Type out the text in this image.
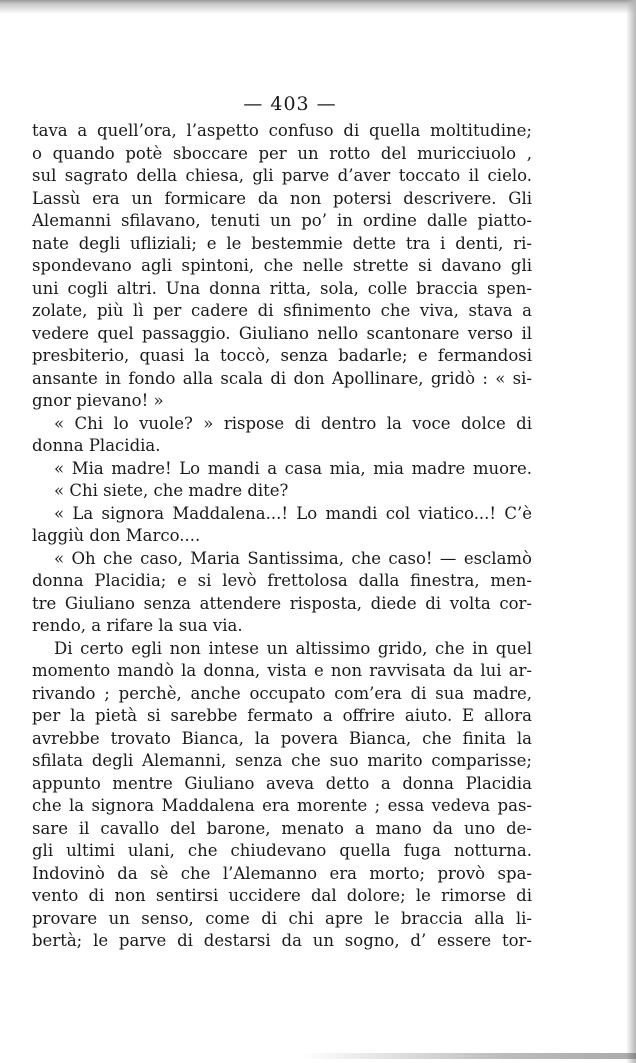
— 403 —
tava a quell’ora, l’aspetto confuso di quella moltitudine;
o quando potè sboccare per un rotto del muricciuolo ,
sul sagrato della chiesa, gli parve d’aver toccato il cielo.
Lassù era un formicare da non potersi descrivere. Gli
Alemanni sfilavano, tenuti un po’ in ordine dalle piatto-
nate degli ufliziali; e le bestemmie dette tra i denti, ri-
spondevano agli spintoni, che nelle strette si davano gli
uni cogli altri. Una donna ritta, sola, colle braccia spen-
zolate, più lì per cadere di sfinimento che viva, stava a
vedere quel passaggio. Giuliano nello scantonare verso il
presbiterio, quasi la toccò, senza badarle; e fermandosi
ansante in fondo alla scala di don Apollinare, gridò : « si-
gnor pievano! »
« Chi lo vuole? » rispose di dentro la voce dolce di
donna Placidia.
« Mia madre! Lo mandi a casa mia, mia madre muore.
« Chi siete, che madre dite?
« La signora Maddalena...! Lo mandi col viatico...! C’è
laggiù don Marco....
« Oh che caso, Maria Santissima, che caso! — esclamò
donna Placidia; e si levò frettolosa dalla finestra, men-
tre Giuliano senza attendere risposta, diede di volta cor-
rendo, a rifare la sua via.
Di certo egli non intese un altissimo grido, che in quel
momento mandò la donna, vista e non ravvisata da lui ar-
rivando ; perchè, anche occupato com’era di sua madre,
per la pietà si sarebbe fermato a offrire aiuto. E allora
avrebbe trovato Bianca, la povera Bianca, che finita la
sfilata degli Alemanni, senza che suo marito comparisse;
appunto mentre Giuliano aveva detto a donna Placidia
che la signora Maddalena era morente ; essa vedeva pas-
sare il cavallo del barone, menato a mano da uno de-
gli ultimi ulani, che chiudevano quella fuga notturna.
Indovinò da sè che l’Alemanno era morto; provò spa-
vento di non sentirsi uccidere dal dolore; le rimorse di
provare un senso, come di chi apre le braccia alla li-
bertà; le parve di destarsi da un sogno, d’ essere tor-
